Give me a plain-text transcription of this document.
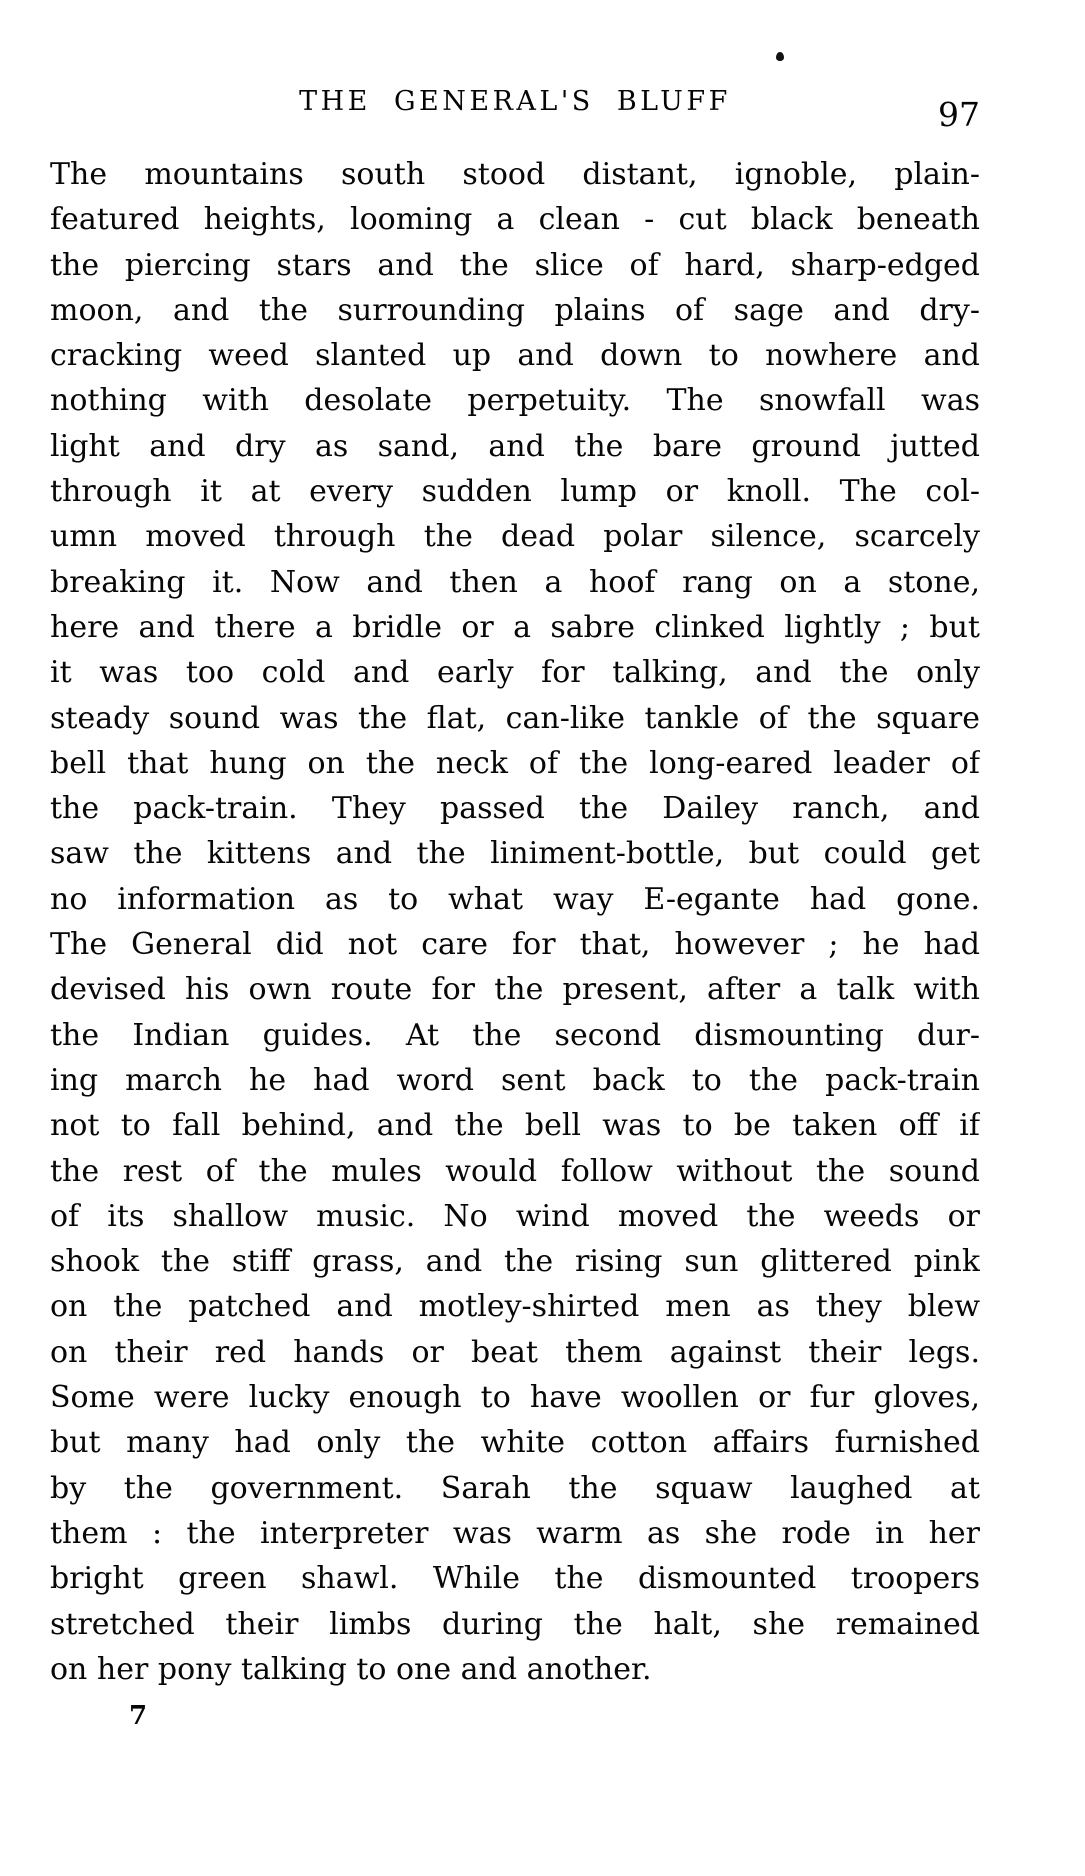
THE GENERAL'S BLUFF	97
The mountains south stood distant, ignoble, plain-
featured heights, looming a clean - cut black beneath
the piercing stars and the slice of hard, sharp-edged
moon, and the surrounding plains of sage and dry-
cracking weed slanted up and down to nowhere and
nothing with desolate perpetuity. The snowfall was
light and dry as sand, and the bare ground jutted
through it at every sudden lump or knoll. The col-
umn moved through the dead polar silence, scarcely
breaking it. Now and then a hoof rang on a stone,
here and there a bridle or a sabre clinked lightly ; but
it was too cold and early for talking, and the only
steady sound was the flat, can-like tankle of the square
bell that hung on the neck of the long-eared leader of
the pack-train. They passed the Dailey ranch, and
saw the kittens and the liniment-bottle, but could get
no information as to what way E-egante had gone.
The General did not care for that, however ; he had
devised his own route for the present, after a talk with
the Indian guides. At the second dismounting dur-
ing march he had word sent back to the pack-train
not to fall behind, and the bell was to be taken off if
the rest of the mules would follow without the sound
of its shallow music. No wind moved the weeds or
shook the stiff grass, and the rising sun glittered pink
on the patched and motley-shirted men as they blew
on their red hands or beat them against their legs.
Some were lucky enough to have woollen or fur gloves,
but many had only the white cotton affairs furnished
by the government. Sarah the squaw laughed at
them : the interpreter was warm as she rode in her
bright green shawl. While the dismounted troopers
stretched their limbs during the halt, she remained
on her pony talking to one and another.
7
